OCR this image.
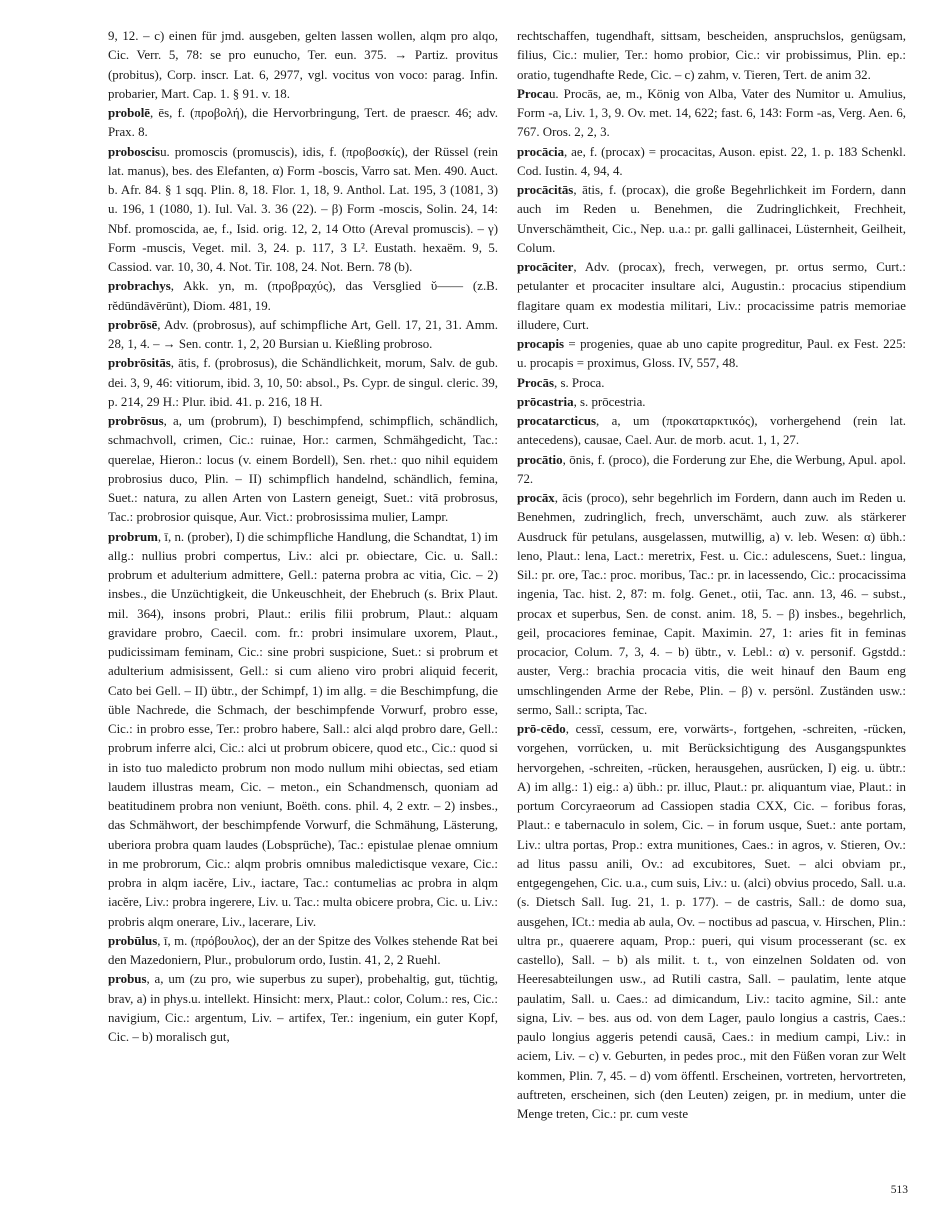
9, 12. – c) einen für jmd. ausgeben, gelten lassen wollen, alqm pro alqo, Cic. Verr. 5, 78: se pro eunucho, Ter. eun. 375. → Partiz. provitus (probitus), Corp. inscr. Lat. 6, 2977, vgl. vocitus von voco: parag. Infin. probarier, Mart. Cap. 1. § 91. v. 18.

probolē, ēs, f. (προβολή), die Hervorbringung, Tert. de praescr. 46; adv. Prax. 8.

proboscisu. promoscis (promuscis), idis, f. (προβοσκίς), der Rüssel (rein lat. manus), bes. des Elefanten, α) Form -boscis, Varro sat. Men. 490. Auct. b. Afr. 84. § 1 sqq. Plin. 8, 18. Flor. 1, 18, 9. Anthol. Lat. 195, 3 (1081, 3) u. 196, 1 (1080, 1). Iul. Val. 3. 36 (22). – β) Form -moscis, Solin. 24, 14: Nbf. promoscida, ae, f., Isid. orig. 12, 2, 14 Otto (Areval promuscis). – γ) Form -muscis, Veget. mil. 3, 24. p. 117, 3 L². Eustath. hexaëm. 9, 5. Cassiod. var. 10, 30, 4. Not. Tir. 108, 24. Not. Bern. 78 (b).

probrachys, Akk. yn, m. (προβραχύς), das Versglied ῠ—— (z.B. rĕdūndāvērūnt), Diom. 481, 19.

probrōsē, Adv. (probrosus), auf schimpfliche Art, Gell. 17, 21, 31. Amm. 28, 1, 4. – → Sen. contr. 1, 2, 20 Bursian u. Kießling probroso.

probrōsitās, ātis, f. (probrosus), die Schändlichkeit, morum, Salv. de gub. dei. 3, 9, 46: vitiorum, ibid. 3, 10, 50: absol., Ps. Cypr. de singul. cleric. 39, p. 214, 29 H.: Plur. ibid. 41. p. 216, 18 H.

probrōsus, a, um (probrum), I) beschimpfend, schimpflich, schändlich, schmachvoll, crimen, Cic.: ruinae, Hor.: carmen, Schmähgedicht, Tac.: querelae, Hieron.: locus (v. einem Bordell), Sen. rhet.: quo nihil equidem probrosius duco, Plin. – II) schimpflich handelnd, schändlich, femina, Suet.: natura, zu allen Arten von Lastern geneigt, Suet.: vitā probrosus, Tac.: probrosior quisque, Aur. Vict.: probrosissima mulier, Lampr.

probrum, ī, n. (prober), I) die schimpfliche Handlung, die Schandtat, 1) im allg.: nullius probri compertus, Liv.: alci pr. obiectare, Cic. u. Sall.: probrum et adulterium admittere, Gell.: paterna probra ac vitia, Cic. – 2) insbes., die Unzüchtigkeit, die Unkeuschheit, der Ehebruch (s. Brix Plaut. mil. 364), insons probri, Plaut.: erilis filii probrum, Plaut.: alquam gravidare probro, Caecil. com. fr.: probri insimulare uxorem, Plaut., pudicissimam feminam, Cic.: sine probri suspicione, Suet.: si probrum et adulterium admisissent, Gell.: si cum alieno viro probri aliquid fecerit, Cato bei Gell. – II) übtr., der Schimpf, 1) im allg. = die Beschimpfung, die üble Nachrede, die Schmach, der beschimpfende Vorwurf, probro esse, Cic.: in probro esse, Ter.: probro habere, Sall.: alci alqd probro dare, Gell.: probrum inferre alci, Cic.: alci ut probrum obicere, quod etc., Cic.: quod si in isto tuo maledicto probrum non modo nullum mihi obiectas, sed etiam laudem illustras meam, Cic. – meton., ein Schandmensch, quoniam ad beatitudinem probra non veniunt, Boëth. cons. phil. 4, 2 extr. – 2) insbes., das Schmähwort, der beschimpfende Vorwurf, die Schmähung, Lästerung, uberiora probra quam laudes (Lobsprüche), Tac.: epistulae plenae omnium in me probrorum, Cic.: alqm probris omnibus maledictisque vexare, Cic.: probra in alqm iacĕre, Liv., iactare, Tac.: contumelias ac probra in alqm iacĕre, Liv.: probra ingerere, Liv. u. Tac.: multa obicere probra, Cic. u. Liv.: probris alqm onerare, Liv., lacerare, Liv.

probūlus, ī, m. (πρόβουλος), der an der Spitze des Volkes stehende Rat bei den Mazedoniern, Plur., probulorum ordo, Iustin. 41, 2, 2 Ruehl.

probus, a, um (zu pro, wie superbus zu super), probehaltig, gut, tüchtig, brav, a) in phys.u. intellekt. Hinsicht: merx, Plaut.: color, Colum.: res, Cic.: navigium, Cic.: argentum, Liv. – artifex, Ter.: ingenium, ein guter Kopf, Cic. – b) moralisch gut,

rechtschaffen, tugendhaft, sittsam, bescheiden, anspruchslos, genügsam, filius, Cic.: mulier, Ter.: homo probior, Cic.: vir probissimus, Plin. ep.: oratio, tugendhafte Rede, Cic. – c) zahm, v. Tieren, Tert. de anim 32.

Procau. Procās, ae, m., König von Alba, Vater des Numitor u. Amulius, Form -a, Liv. 1, 3, 9. Ov. met. 14, 622; fast. 6, 143: Form -as, Verg. Aen. 6, 767. Oros. 2, 2, 3.

procācia, ae, f. (procax) = procacitas, Auson. epist. 22, 1. p. 183 Schenkl. Cod. Iustin. 4, 94, 4.

procācitās, ātis, f. (procax), die große Begehrlichkeit im Fordern, dann auch im Reden u. Benehmen, die Zudringlichkeit, Frechheit, Unverschämtheit, Cic., Nep. u.a.: pr. galli gallinacei, Lüsternheit, Geilheit, Colum.

procāciter, Adv. (procax), frech, verwegen, pr. ortus sermo, Curt.: petulanter et procaciter insultare alci, Augustin.: procacius stipendium flagitare quam ex modestia militari, Liv.: procacissime patris memoriae illudere, Curt.

procapis = progenies, quae ab uno capite progreditur, Paul. ex Fest. 225: u. procapis = proximus, Gloss. IV, 557, 48.

Procās, s. Proca.

prōcastria, s. prōcestria.

procatarcticus, a, um (προκαταρκτικός), vorhergehend (rein lat. antecedens), causae, Cael. Aur. de morb. acut. 1, 1, 27.

procātio, ōnis, f. (proco), die Forderung zur Ehe, die Werbung, Apul. apol. 72.

procāx, ācis (proco), sehr begehrlich im Fordern, dann auch im Reden u. Benehmen, zudringlich, frech, unverschämt, auch zuw. als stärkerer Ausdruck für petulans, ausgelassen, mutwillig, a) v. leb. Wesen: α) übh.: leno, Plaut.: lena, Lact.: meretrix, Fest. u. Cic.: adulescens, Suet.: lingua, Sil.: pr. ore, Tac.: proc. moribus, Tac.: pr. in lacessendo, Cic.: procacissima ingenia, Tac. hist. 2, 87: m. folg. Genet., otii, Tac. ann. 13, 46. – subst., procax et superbus, Sen. de const. anim. 18, 5. – β) insbes., begehrlich, geil, procaciores feminae, Capit. Maximin. 27, 1: aries fit in feminas procacior, Colum. 7, 3, 4. – b) übtr., v. Lebl.: α) v. personif. Ggstdd.: auster, Verg.: brachia procacia vitis, die weit hinauf den Baum eng umschlingenden Arme der Rebe, Plin. – β) v. persönl. Zuständen usw.: sermo, Sall.: scripta, Tac.

prō-cēdo, cessī, cessum, ere, vorwärts-, fortgehen, -schreiten, -rücken, vorgehen, vorrücken, u. mit Berücksichtigung des Ausgangspunktes hervorgehen, -schreiten, -rücken, herausgehen, ausrücken, I) eig. u. übtr.: A) im allg.: 1) eig.: a) übh.: pr. illuc, Plaut.: pr. aliquantum viae, Plaut.: in portum Corcyraeorum ad Cassiopen stadia CXX, Cic. – foribus foras, Plaut.: e tabernaculo in solem, Cic. – in forum usque, Suet.: ante portam, Liv.: ultra portas, Prop.: extra munitiones, Caes.: in agros, v. Stieren, Ov.: ad litus passu anili, Ov.: ad excubitores, Suet. – alci obviam pr., entgegengehen, Cic. u.a., cum suis, Liv.: u. (alci) obvius procedo, Sall. u.a. (s. Dietsch Sall. Iug. 21, 1. p. 177). – de castris, Sall.: de domo sua, ausgehen, ICt.: media ab aula, Ov. – noctibus ad pascua, v. Hirschen, Plin.: ultra pr., quaerere aquam, Prop.: pueri, qui visum processerant (sc. ex castello), Sall. – b) als milit. t. t., von einzelnen Soldaten od. von Heeresabteilungen usw., ad Rutili castra, Sall. – paulatim, lente atque paulatim, Sall. u. Caes.: ad dimicandum, Liv.: tacito agmine, Sil.: ante signa, Liv. – bes. aus od. von dem Lager, paulo longius a castris, Caes.: paulo longius aggeris petendi causā, Caes.: in medium campi, Liv.: in aciem, Liv. – c) v. Geburten, in pedes proc., mit den Füßen voran zur Welt kommen, Plin. 7, 45. – d) vom öffentl. Erscheinen, vortreten, hervortreten, auftreten, erscheinen, sich (den Leuten) zeigen, pr. in medium, unter die Menge treten, Cic.: pr. cum veste

513
